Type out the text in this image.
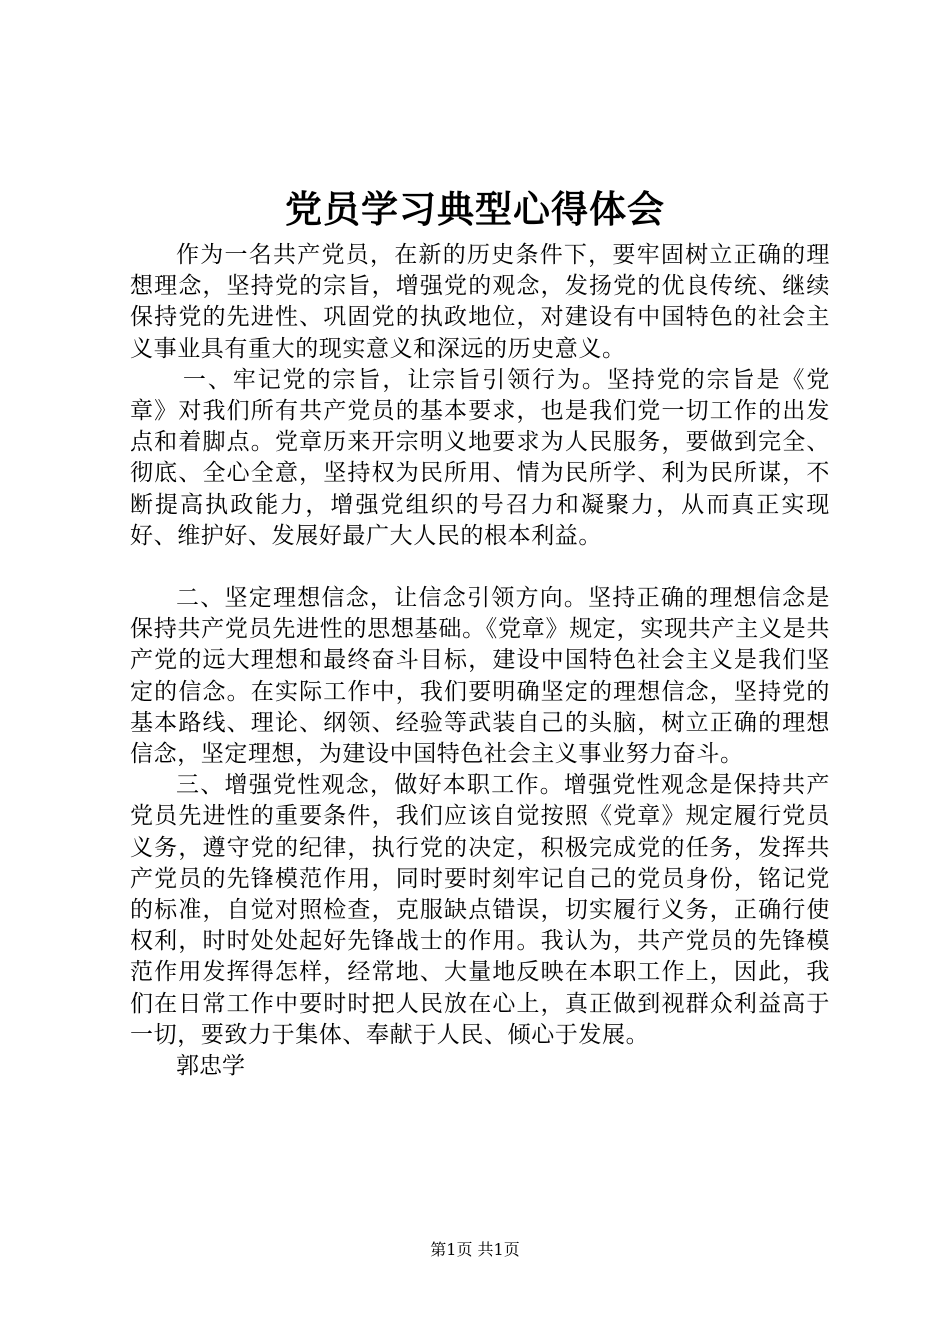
党员学习典型心得体会

作为一名共产党员，在新的历史条件下，要牢固树立正确的理想理念，坚持党的宗旨，增强党的观念，发扬党的优良传统、继续保持党的先进性、巩固党的执政地位，对建设有中国特色的社会主义事业具有重大的现实意义和深远的历史意义。

一、牢记党的宗旨，让宗旨引领行为。坚持党的宗旨是《党章》对我们所有共产党员的基本要求，也是我们党一切工作的出发点和着脚点。党章历来开宗明义地要求为人民服务，要做到完全、彻底、全心全意，坚持权为民所用、情为民所学、利为民所谋，不断提高执政能力，增强党组织的号召力和凝聚力，从而真正实现好、维护好、发展好最广大人民的根本利益。

二、坚定理想信念，让信念引领方向。坚持正确的理想信念是保持共产党员先进性的思想基础。《党章》规定，实现共产主义是共产党的远大理想和最终奋斗目标，建设中国特色社会主义是我们坚定的信念。在实际工作中，我们要明确坚定的理想信念，坚持党的基本路线、理论、纲领、经验等武装自己的头脑，树立正确的理想信念，坚定理想，为建设中国特色社会主义事业努力奋斗。

三、增强党性观念，做好本职工作。增强党性观念是保持共产党员先进性的重要条件，我们应该自觉按照《党章》规定履行党员义务，遵守党的纪律，执行党的决定，积极完成党的任务，发挥共产党员的先锋模范作用，同时要时刻牢记自己的党员身份，铭记党的标准，自觉对照检查，克服缺点错误，切实履行义务，正确行使权利，时时处处起好先锋战士的作用。我认为，共产党员的先锋模范作用发挥得怎样，经常地、大量地反映在本职工作上，因此，我们在日常工作中要时时把人民放在心上，真正做到视群众利益高于一切，要致力于集体、奉献于人民、倾心于发展。

郭忠学

第1页 共1页
